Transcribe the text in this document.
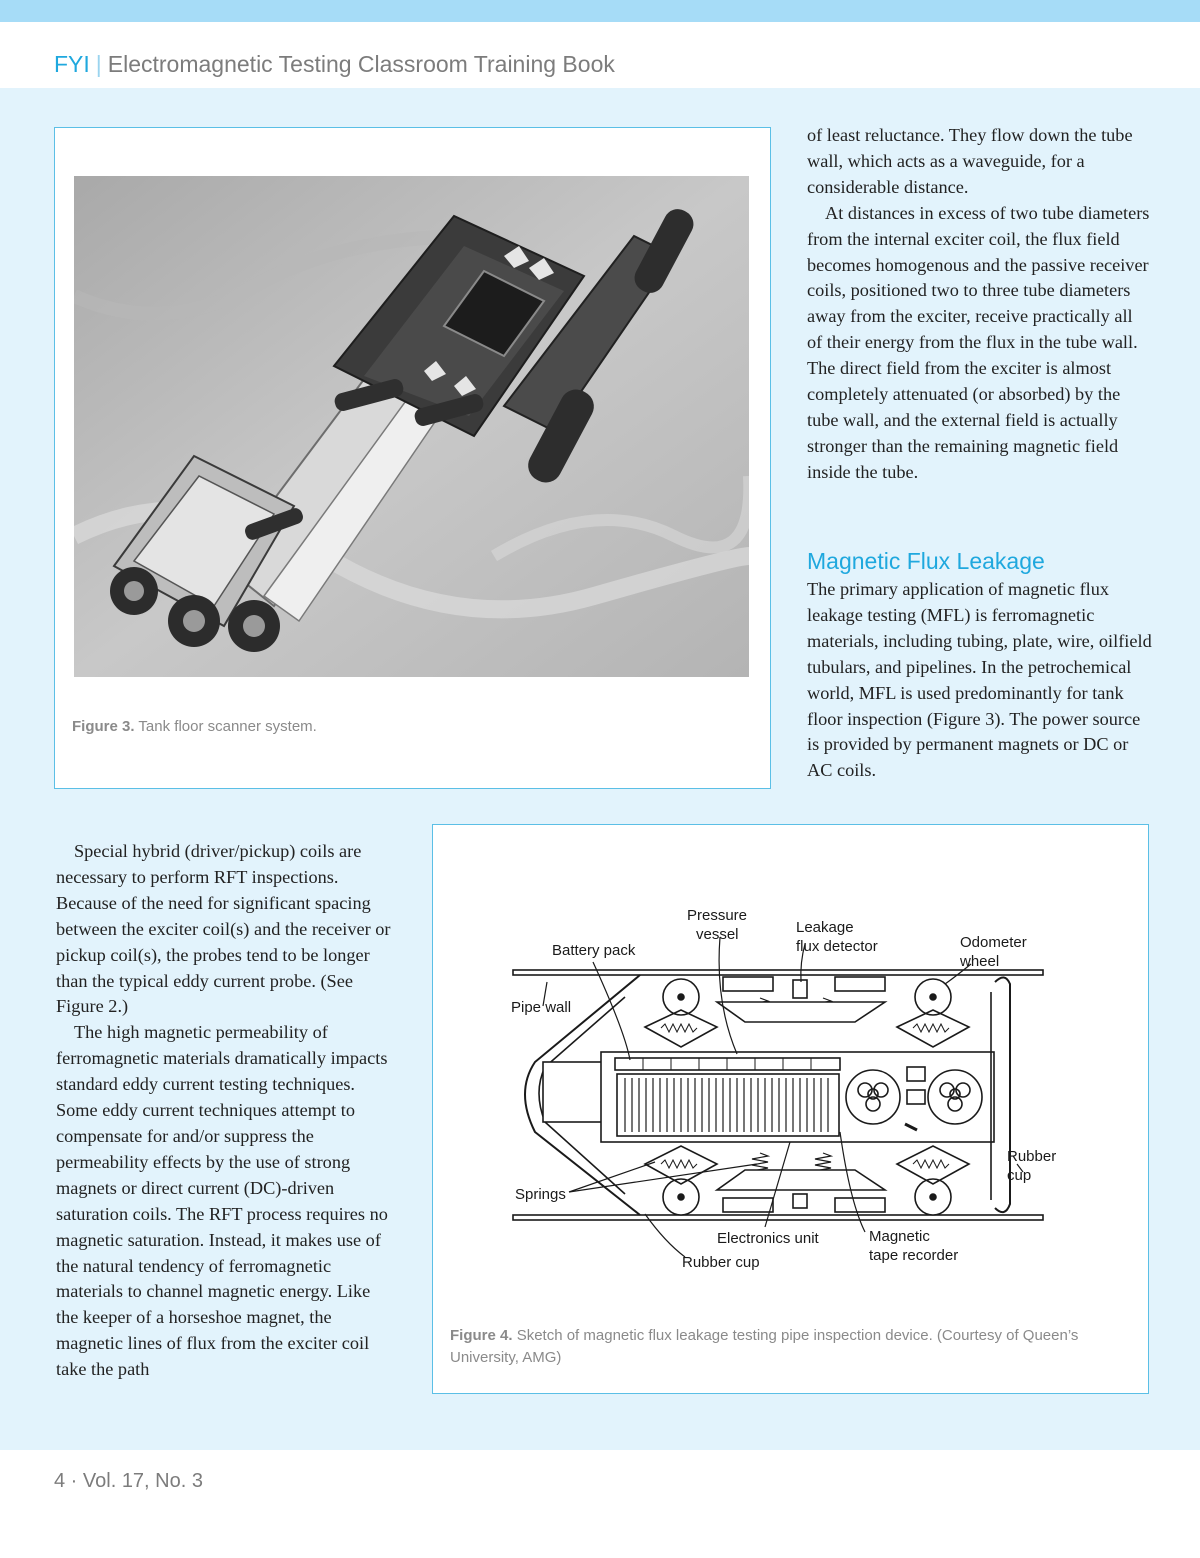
FYI | Electromagnetic Testing Classroom Training Book
Figure 3. Tank floor scanner system.

of least reluctance. They flow down the tube wall, which acts as a waveguide, for a considerable distance.

At distances in excess of two tube diameters from the internal exciter coil, the flux field becomes homogenous and the passive receiver coils, positioned two to three tube diameters away from the exciter, receive practically all of their energy from the flux in the tube wall. The direct field from the exciter is almost completely attenuated (or absorbed) by the tube wall, and the external field is actually stronger than the remaining magnetic field inside the tube.

Magnetic Flux Leakage

The primary application of magnetic flux leakage testing (MFL) is ferromagnetic materials, including tubing, plate, wire, oilfield tubulars, and pipelines. In the petrochemical world, MFL is used predominantly for tank floor inspection (Figure 3). The power source is provided by permanent magnets or DC or AC coils.

Special hybrid (driver/pickup) coils are necessary to perform RFT inspections. Because of the need for significant spacing between the exciter coil(s) and the receiver or pickup coil(s), the probes tend to be longer than the typical eddy current probe. (See Figure 2.)

The high magnetic permeability of ferromagnetic materials dramatically impacts standard eddy current testing techniques. Some eddy current techniques attempt to compensate for and/or suppress the permeability effects by the use of strong magnets or direct current (DC)-driven saturation coils. The RFT process requires no magnetic saturation. Instead, it makes use of the natural tendency of ferromagnetic materials to channel magnetic energy. Like the keeper of a horseshoe magnet, the magnetic lines of flux from the exciter coil take the path

Pressure
vessel	Leakage
flux detector
Battery pack	Odometer
wheel
Pipe wall
Rubber
cup
Springs
Electronics unit	Magnetic
tape recorder
Rubber cup
Figure 4. Sketch of magnetic flux leakage testing pipe inspection device. (Courtesy of Queen’s University, AMG)
4 · Vol. 17, No. 3
